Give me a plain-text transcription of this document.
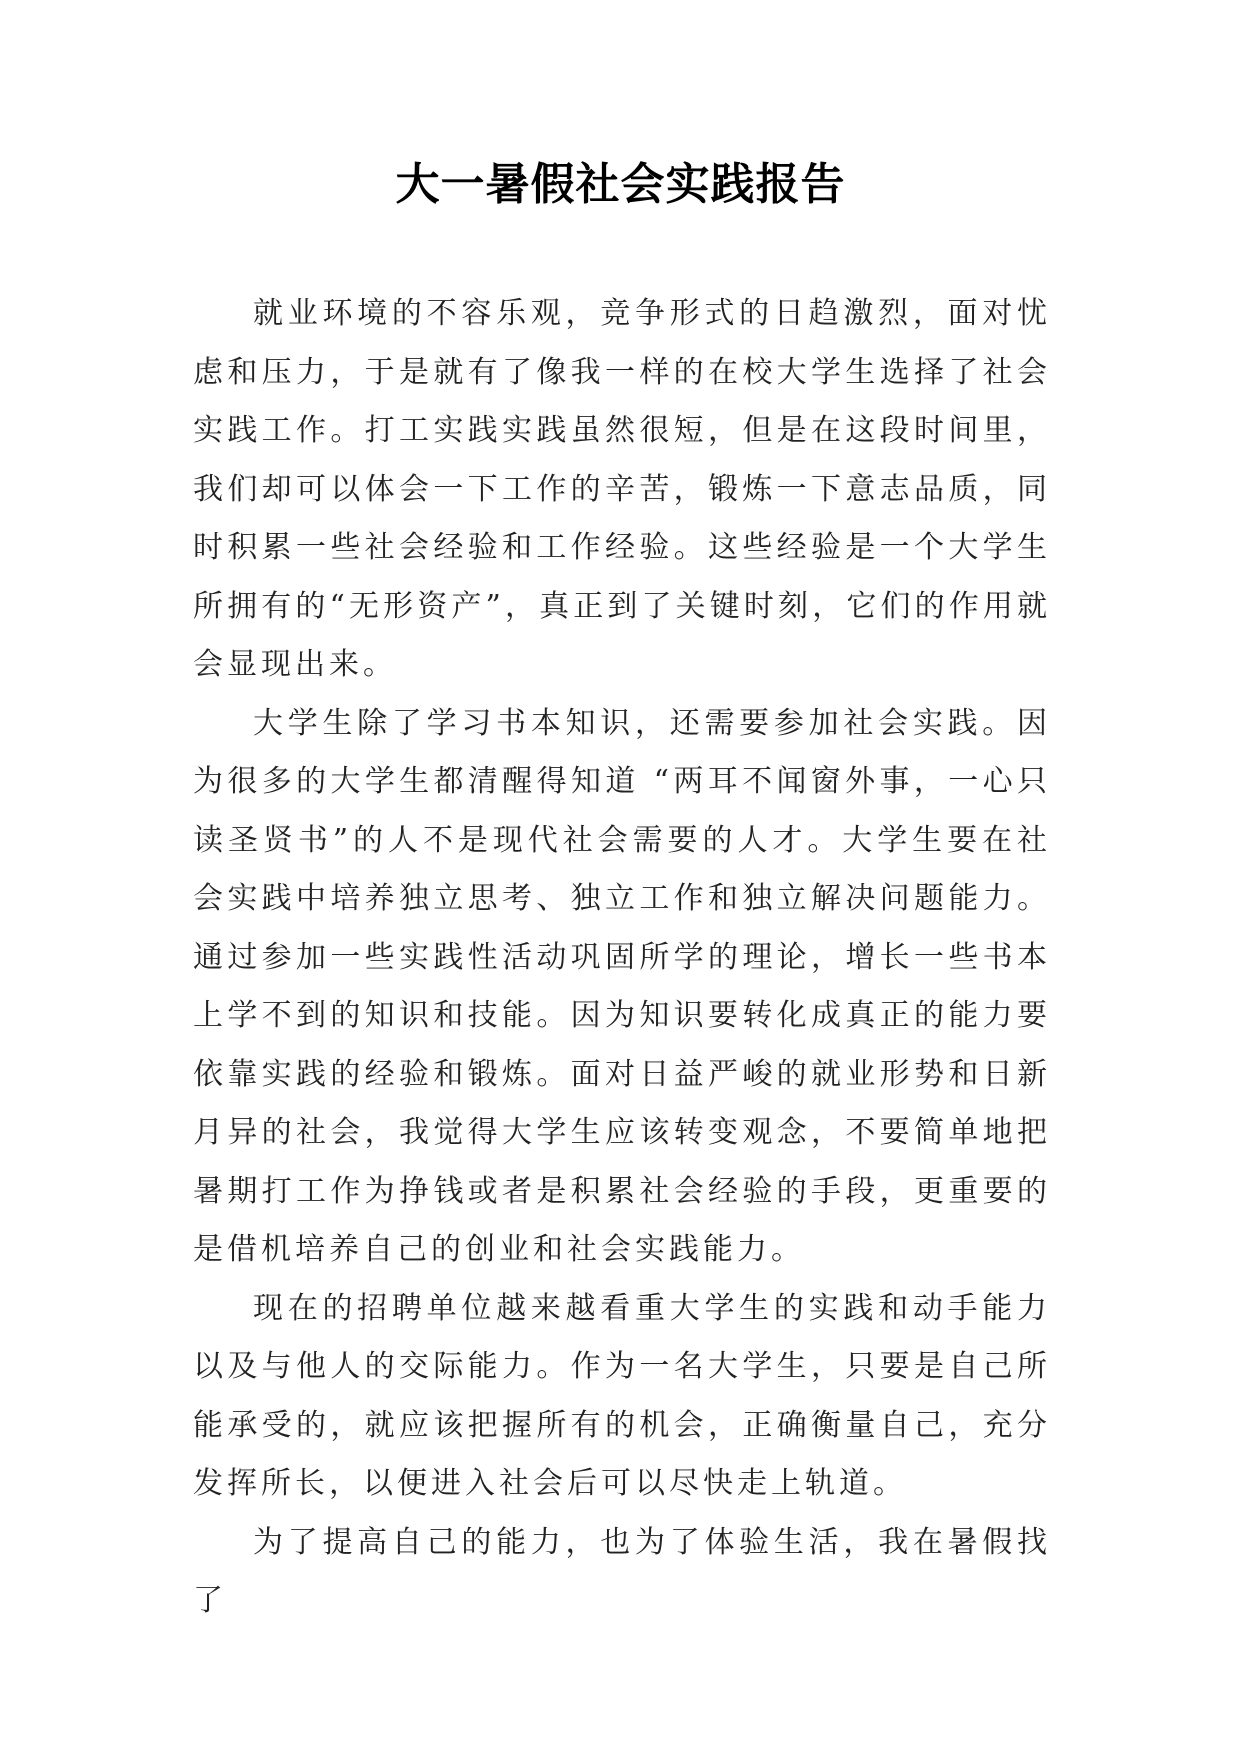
大一暑假社会实践报告

就业环境的不容乐观，竞争形式的日趋激烈，面对忧虑和压力，于是就有了像我一样的在校大学生选择了社会实践工作。打工实践实践虽然很短，但是在这段时间里，我们却可以体会一下工作的辛苦，锻炼一下意志品质，同时积累一些社会经验和工作经验。这些经验是一个大学生所拥有的“无形资产”，真正到了关键时刻，它们的作用就会显现出来。

大学生除了学习书本知识，还需要参加社会实践。因为很多的大学生都清醒得知道 “两耳不闻窗外事，一心只读圣贤书”的人不是现代社会需要的人才。大学生要在社会实践中培养独立思考、独立工作和独立解决问题能力。通过参加一些实践性活动巩固所学的理论，增长一些书本上学不到的知识和技能。因为知识要转化成真正的能力要依靠实践的经验和锻炼。面对日益严峻的就业形势和日新月异的社会，我觉得大学生应该转变观念，不要简单地把暑期打工作为挣钱或者是积累社会经验的手段，更重要的是借机培养自己的创业和社会实践能力。

现在的招聘单位越来越看重大学生的实践和动手能力以及与他人的交际能力。作为一名大学生，只要是自己所能承受的，就应该把握所有的机会，正确衡量自己，充分发挥所长，以便进入社会后可以尽快走上轨道。

为了提高自己的能力，也为了体验生活，我在暑假找了
